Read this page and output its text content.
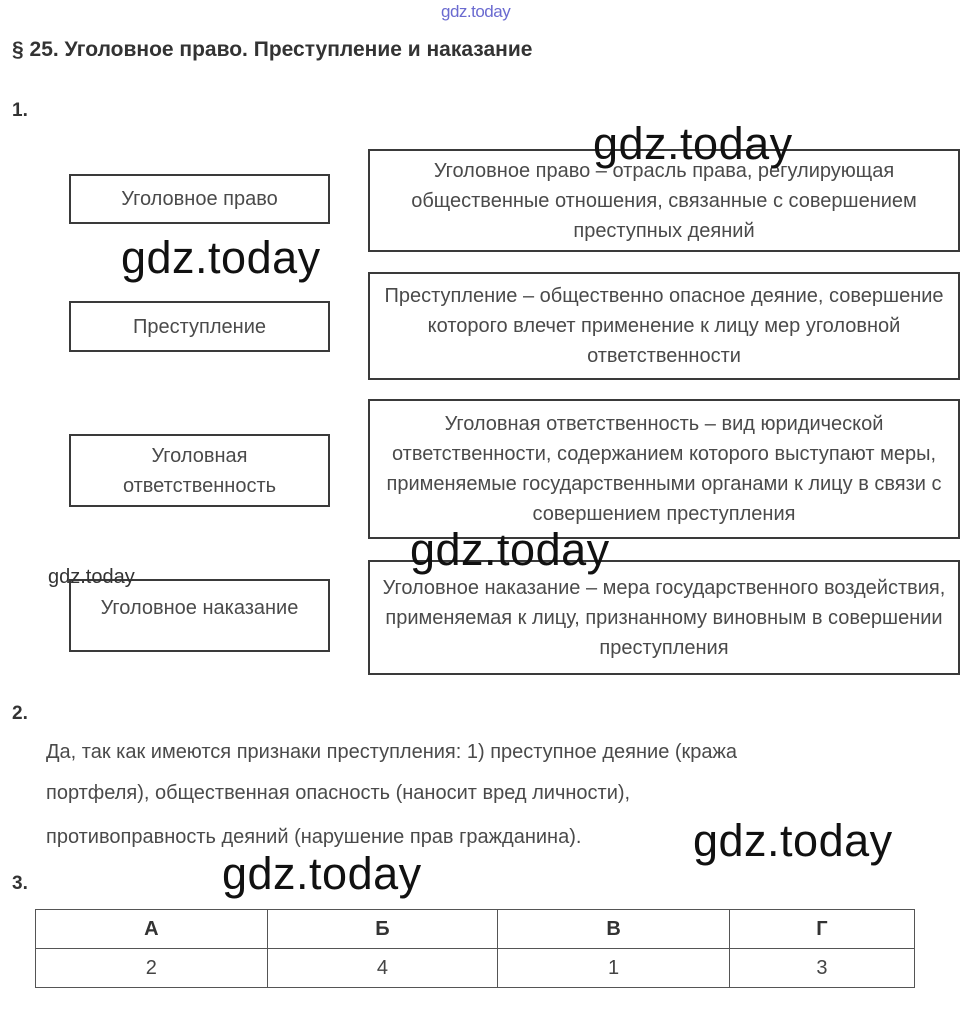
gdz.today
§ 25. Уголовное право. Преступление и наказание
1.
Уголовное право
Преступление
Уголовная ответственность
Уголовное наказание
Уголовное право – отрасль права, регулирующая общественные отношения, связанные с совершением преступных деяний
Преступление – общественно опасное деяние, совершение которого влечет применение к лицу мер уголовной ответственности
Уголовная ответственность – вид юридической ответственности, содержанием которого выступают меры, применяемые государственными органами к лицу в связи с совершением преступления
Уголовное наказание – мера государственного воздействия, применяемая к лицу, признанному виновным в совершении преступления
2.
Да, так как имеются признаки преступления: 1) преступное деяние (кража
портфеля), общественная опасность (наносит вред личности),
противоправность деяний (нарушение прав гражданина).
3.
А	Б	В	Г
2	4	1	3
gdz.today
gdz.today
gdz.today
gdz.today
gdz.today
gdz.today
